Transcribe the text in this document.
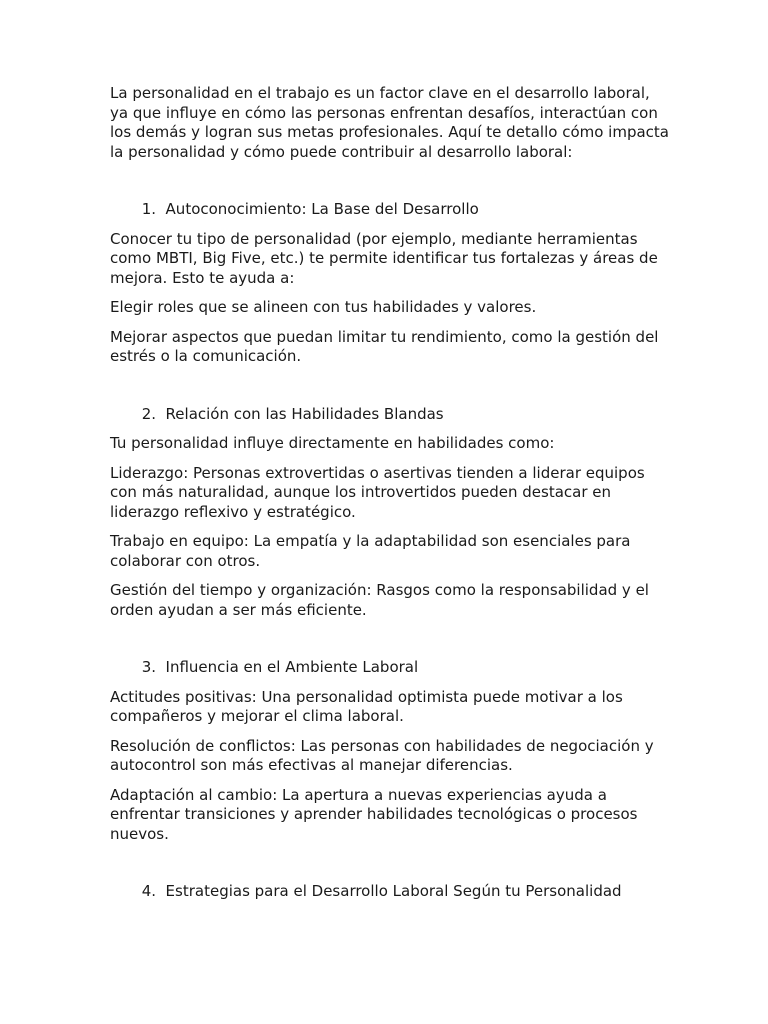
La personalidad en el trabajo es un factor clave en el desarrollo laboral, ya que influye en cómo las personas enfrentan desafíos, interactúan con los demás y logran sus metas profesionales. Aquí te detallo cómo impacta la personalidad y cómo puede contribuir al desarrollo laboral:

1.
Autoconocimiento: La Base del Desarrollo

Conocer tu tipo de personalidad (por ejemplo, mediante herramientas como MBTI, Big Five, etc.) te permite identificar tus fortalezas y áreas de mejora. Esto te ayuda a:

Elegir roles que se alineen con tus habilidades y valores.

Mejorar aspectos que puedan limitar tu rendimiento, como la gestión del estrés o la comunicación.

2.
Relación con las Habilidades Blandas

Tu personalidad influye directamente en habilidades como:

Liderazgo: Personas extrovertidas o asertivas tienden a liderar equipos con más naturalidad, aunque los introvertidos pueden destacar en liderazgo reflexivo y estratégico.

Trabajo en equipo: La empatía y la adaptabilidad son esenciales para colaborar con otros.

Gestión del tiempo y organización: Rasgos como la responsabilidad y el orden ayudan a ser más eficiente.

3.
Influencia en el Ambiente Laboral

Actitudes positivas: Una personalidad optimista puede motivar a los compañeros y mejorar el clima laboral.

Resolución de conflictos: Las personas con habilidades de negociación y autocontrol son más efectivas al manejar diferencias.

Adaptación al cambio: La apertura a nuevas experiencias ayuda a enfrentar transiciones y aprender habilidades tecnológicas o procesos nuevos.

4.
Estrategias para el Desarrollo Laboral Según tu Personalidad
